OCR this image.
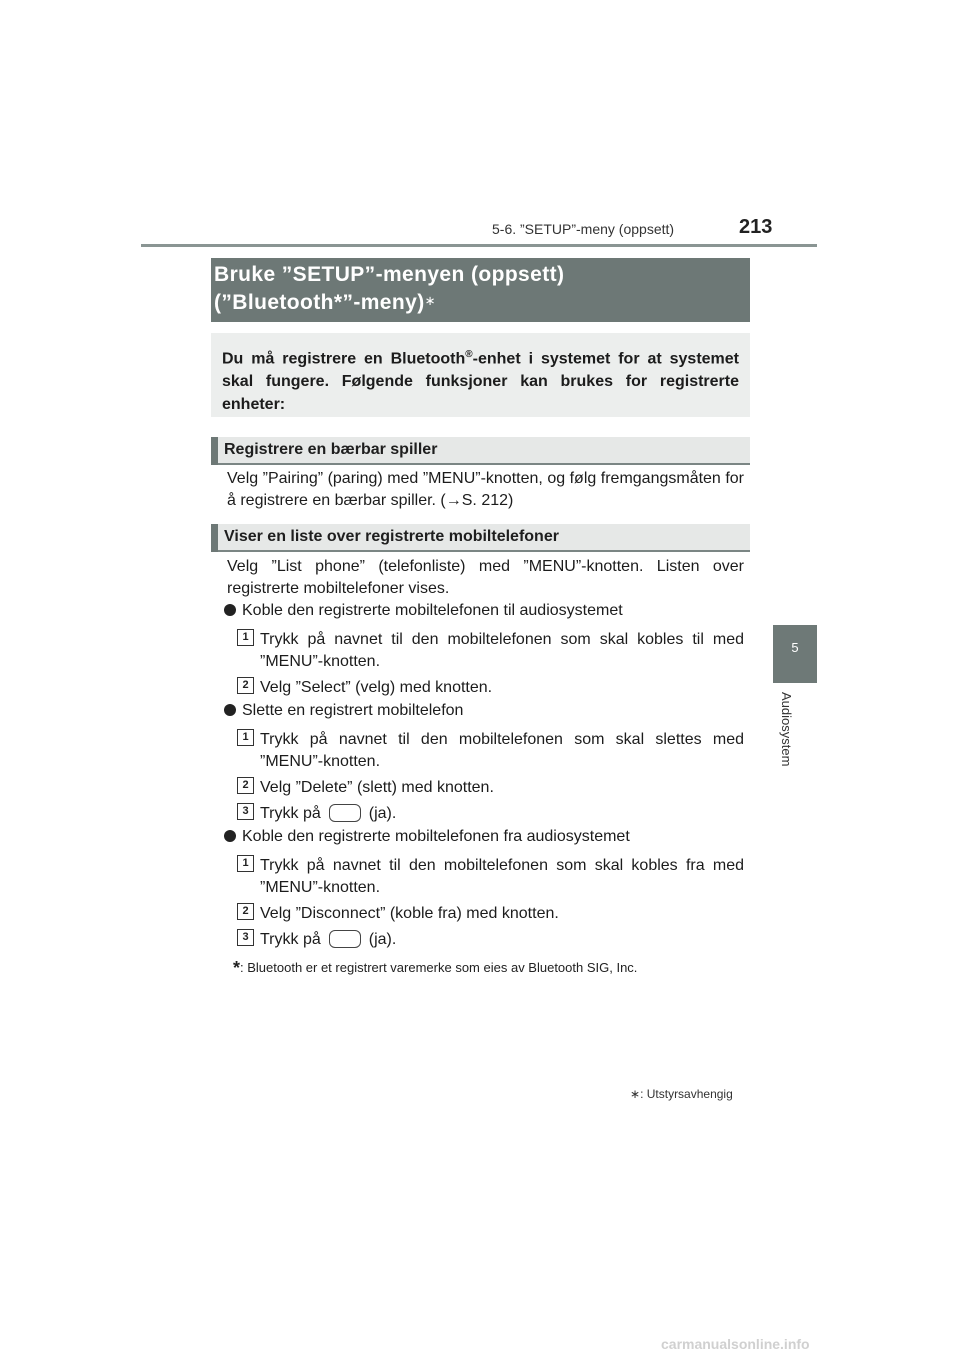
5-6. ”SETUP”-meny (oppsett)	213
5
Audiosystem
Bruke ”SETUP”-menyen (oppsett)
(”Bluetooth*”-meny)∗
Du må registrere en Bluetooth®-enhet i systemet for at systemet skal fungere. Følgende funksjoner kan brukes for registrerte enheter:
Registrere en bærbar spiller
Velg ”Pairing” (paring) med ”MENU”-knotten, og følg fremgangsmåten for å registrere en bærbar spiller. (→S. 212)
Viser en liste over registrerte mobiltelefoner
Velg ”List phone” (telefonliste) med ”MENU”-knotten. Listen over registrerte mobiltelefoner vises.
Koble den registrerte mobiltelefonen til audiosystemet
1 Trykk på navnet til den mobiltelefonen som skal kobles til med ”MENU”-knotten.
2 Velg ”Select” (velg) med knotten.
Slette en registrert mobiltelefon
1 Trykk på navnet til den mobiltelefonen som skal slettes med ”MENU”-knotten.
2 Velg ”Delete” (slett) med knotten.
3 Trykk på	(ja).
Koble den registrerte mobiltelefonen fra audiosystemet
1 Trykk på navnet til den mobiltelefonen som skal kobles fra med ”MENU”-knotten.
2 Velg ”Disconnect” (koble fra) med knotten.
3 Trykk på	(ja).
*: Bluetooth er et registrert varemerke som eies av Bluetooth SIG, Inc.
∗: Utstyrsavhengig
carmanualsonline.info
